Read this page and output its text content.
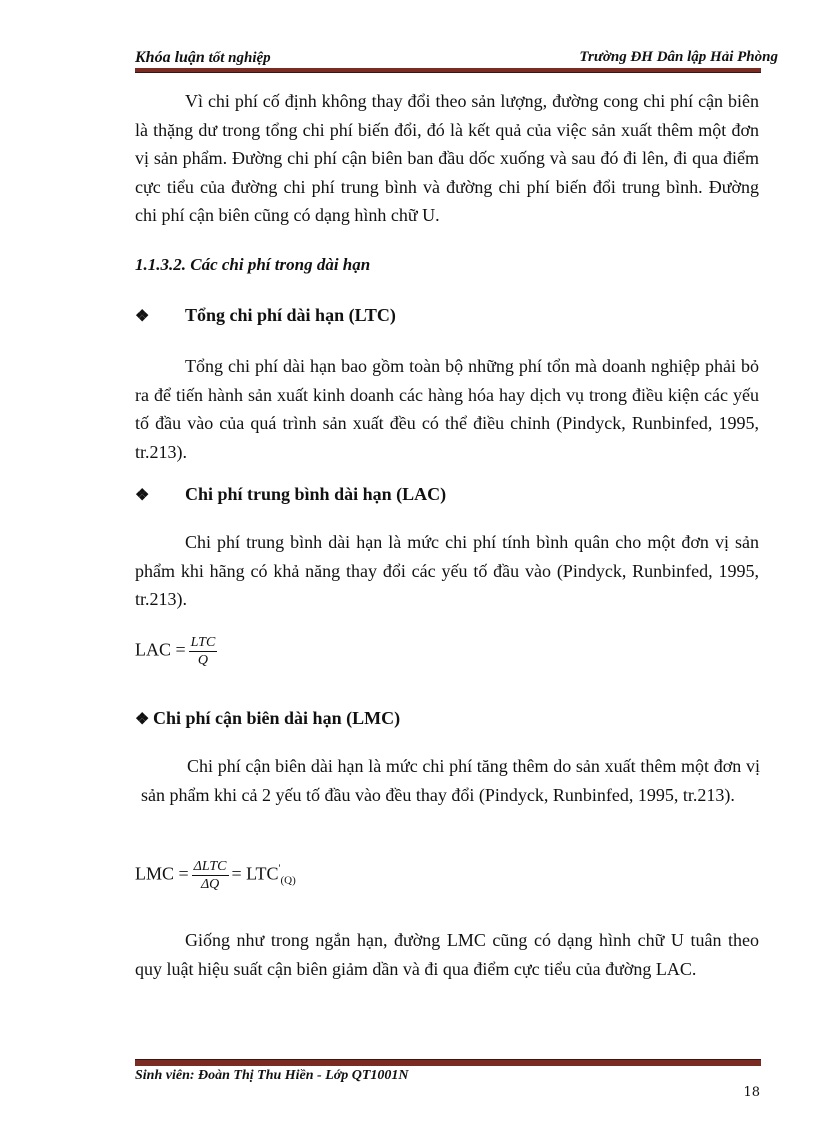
Khóa luận tốt nghiệp	Trường ĐH Dân lập Hải Phòng

Vì chi phí cố định không thay đổi theo sản lượng, đường cong chi phí cận biên là thặng dư trong tổng chi phí biến đổi, đó là kết quả của việc sản xuất thêm một đơn vị sản phẩm. Đường chi phí cận biên ban đầu dốc xuống và sau đó đi lên, đi qua điểm cực tiểu của đường chi phí trung bình và đường chi phí biến đổi trung bình. Đường chi phí cận biên cũng có dạng hình chữ U.

1.1.3.2. Các chi phí trong dài hạn
❖ Tổng chi phí dài hạn (LTC)

Tổng chi phí dài hạn bao gồm toàn bộ những phí tổn mà doanh nghiệp phải bỏ ra để tiến hành sản xuất kinh doanh các hàng hóa hay dịch vụ trong điều kiện các yếu tố đầu vào của quá trình sản xuất đều có thể điều chỉnh (Pindyck, Runbinfed, 1995, tr.213).

❖ Chi phí trung bình dài hạn (LAC)

Chi phí trung bình dài hạn là mức chi phí tính bình quân cho một đơn vị sản phẩm khi hãng có khả năng thay đổi các yếu tố đầu vào (Pindyck, Runbinfed, 1995, tr.213).

LAC = $\frac{\text{LTC}}{Q}$
❖ Chi phí cận biên dài hạn (LMC)

Chi phí cận biên dài hạn là mức chi phí tăng thêm do sản xuất thêm một đơn vị sản phẩm khi cả 2 yếu tố đầu vào đều thay đổi (Pindyck, Runbinfed, 1995, tr.213).

LMC = $\frac{\text{ΔLTC}}{\Delta Q} = LTC'_{(Q)}$

Giống như trong ngắn hạn, đường LMC cũng có dạng hình chữ U tuân theo quy luật hiệu suất cận biên giảm dần và đi qua điểm cực tiểu của đường LAC.

Sinh viên: Đoàn Thị Thu Hiền - Lớp QT1001N
18
